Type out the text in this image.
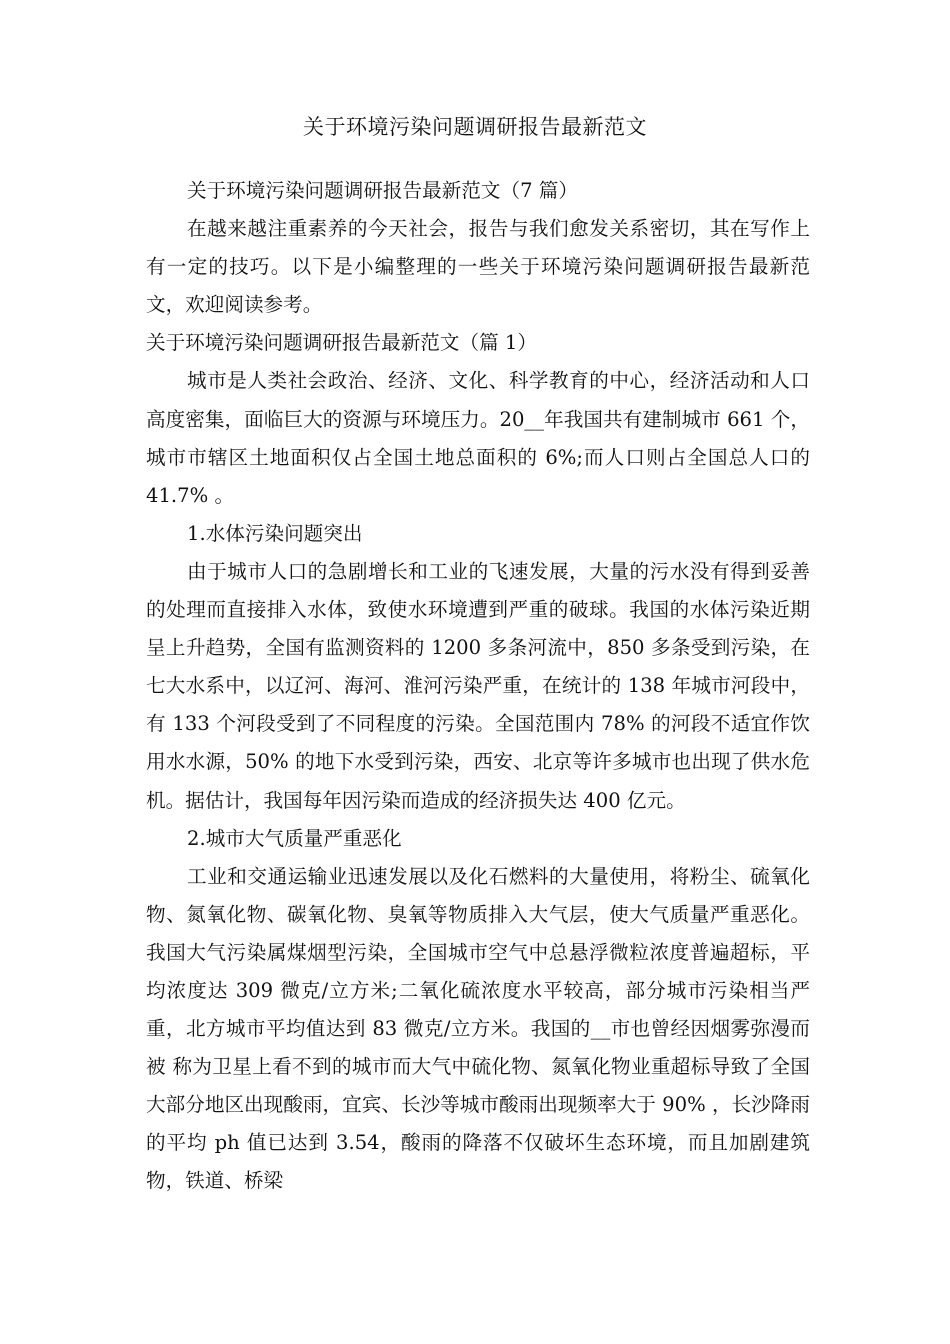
关于环境污染问题调研报告最新范文

关于环境污染问题调研报告最新范文（7 篇）

在越来越注重素养的今天社会，报告与我们愈发关系密切，其在写作上有一定的技巧。以下是小编整理的一些关于环境污染问题调研报告最新范文，欢迎阅读参考。

关于环境污染问题调研报告最新范文（篇 1）

城市是人类社会政治、经济、文化、科学教育的中心，经济活动和人口高度密集，面临巨大的资源与环境压力。20__年我国共有建制城市 661 个，城市市辖区土地面积仅占全国土地总面积的 6%;而人口则占全国总人口的 41.7% 。

1.水体污染问题突出

由于城市人口的急剧增长和工业的飞速发展，大量的污水没有得到妥善的处理而直接排入水体，致使水环境遭到严重的破球。我国的水体污染近期呈上升趋势，全国有监测资料的 1200 多条河流中，850 多条受到污染，在七大水系中，以辽河、海河、淮河污染严重，在统计的 138 年城市河段中，有 133 个河段受到了不同程度的污染。全国范围内 78% 的河段不适宜作饮用水水源，50% 的地下水受到污染，西安、北京等许多城市也出现了供水危机。据估计，我国每年因污染而造成的经济损失达 400 亿元。

2.城市大气质量严重恶化

工业和交通运输业迅速发展以及化石燃料的大量使用，将粉尘、硫氧化物、氮氧化物、碳氧化物、臭氧等物质排入大气层，使大气质量严重恶化。我国大气污染属煤烟型污染，全国城市空气中总悬浮微粒浓度普遍超标，平均浓度达 309 微克/立方米;二氧化硫浓度水平较高，部分城市污染相当严重，北方城市平均值达到 83 微克/立方米。我国的__市也曾经因烟雾弥漫而被 称为卫星上看不到的城市而大气中硫化物、氮氧化物业重超标导致了全国大部分地区出现酸雨，宜宾、长沙等城市酸雨出现频率大于 90% ，长沙降雨的平均 ph 值已达到 3.54，酸雨的降落不仅破坏生态环境，而且加剧建筑物，铁道、桥梁
